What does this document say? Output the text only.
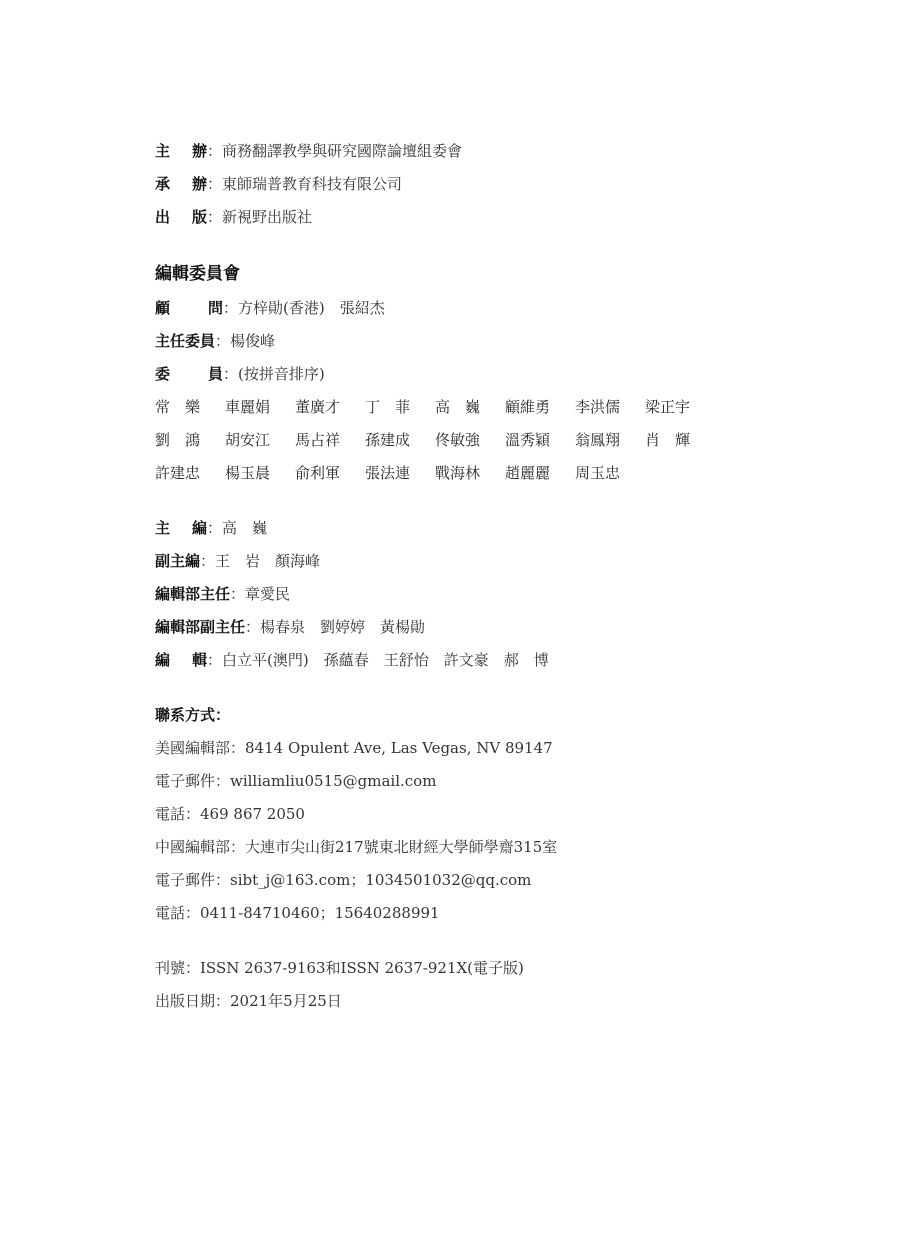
主　辦 ：商務翻譯教學與研究國際論壇組委會
承　辦 ：東師瑞普教育科技有限公司
出　版 ：新視野出版社
編輯委員會
顧　　問 ：方梓勛(香港)　張紹杰
主任委員 ：楊俊峰
委　　員 ：(按拼音排序)
常　樂	車麗娟	董廣才	丁　菲	高　巍	顧維勇	李洪儒	梁正宇
劉　鴻	胡安江	馬占祥	孫建成	佟敏強	溫秀穎	翁鳳翔	肖　輝
許建忠	楊玉晨	俞利軍	張法連	戰海林	趙麗麗	周玉忠
主　編 ：高　巍
副主編 ：王　岩　顏海峰
編輯部主任 ：章愛民
編輯部副主任 ：楊春泉　劉婷婷　黃楊勛
編　輯 ：白立平(澳門)　孫蘊春　王舒怡　許文豪　郝　博
聯系方式：
美國編輯部：8414 Opulent Ave, Las Vegas, NV 89147
電子郵件：williamliu0515@gmail.com
電話：469 867 2050
中國編輯部：大連市尖山街217號東北財經大學師學齋315室
電子郵件：sibt_j@163.com；1034501032@qq.com
電話：0411-84710460；15640288991
刊號：ISSN 2637-9163和ISSN 2637-921X(電子版)
出版日期：2021年5月25日
